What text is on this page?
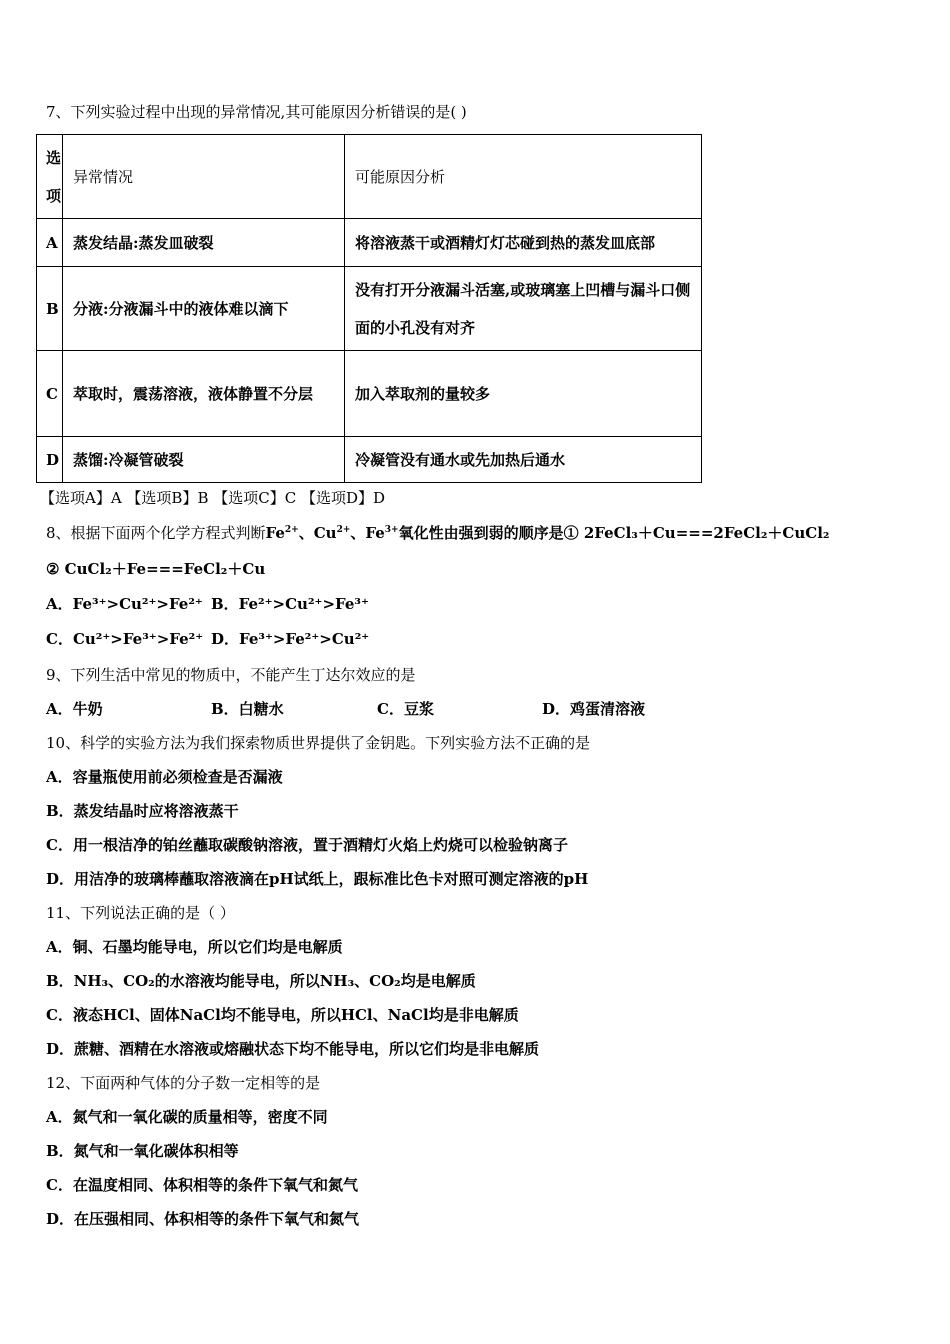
7、下列实验过程中出现的异常情况,其可能原因分析错误的是( )
选项	异常情况	可能原因分析
A	蒸发结晶:蒸发皿破裂	将溶液蒸干或酒精灯灯芯碰到热的蒸发皿底部
B	分液:分液漏斗中的液体难以滴下	没有打开分液漏斗活塞,或玻璃塞上凹槽与漏斗口侧面的小孔没有对齐

C	萃取时，震荡溶液，液体静置不分层	加入萃取剂的量较多
D	蒸馏:冷凝管破裂	冷凝管没有通水或先加热后通水
【选项A】A 【选项B】B 【选项C】C 【选项D】D
8、根据下面两个化学方程式判断$Fe^{2+}$、$Cu^{2+}$、$Fe^{3+}$氧化性由强到弱的顺序是① 2FeCl₃＋Cu===2FeCl₂＋CuCl₂
② CuCl₂＋Fe===FeCl₂＋Cu
A．Fe³⁺>Cu²⁺>Fe²⁺ B．Fe²⁺>Cu²⁺>Fe³⁺
C．Cu²⁺>Fe³⁺>Fe²⁺ D．Fe³⁺>Fe²⁺>Cu²⁺
9、下列生活中常见的物质中，不能产生丁达尔效应的是
A．牛奶	B．白糖水	C．豆浆	D．鸡蛋清溶液
10、科学的实验方法为我们探索物质世界提供了金钥匙。下列实验方法不正确的是
A．容量瓶使用前必须检查是否漏液
B．蒸发结晶时应将溶液蒸干
C．用一根洁净的铂丝蘸取碳酸钠溶液，置于酒精灯火焰上灼烧可以检验钠离子
D．用洁净的玻璃棒蘸取溶液滴在pH试纸上，跟标准比色卡对照可测定溶液的pH
11、下列说法正确的是（ ）
A．铜、石墨均能导电，所以它们均是电解质
B．NH₃、CO₂的水溶液均能导电，所以NH₃、CO₂均是电解质
C．液态HCl、固体NaCl均不能导电，所以HCl、NaCl均是非电解质
D．蔗糖、酒精在水溶液或熔融状态下均不能导电，所以它们均是非电解质
12、下面两种气体的分子数一定相等的是
A．氮气和一氧化碳的质量相等，密度不同
B．氮气和一氧化碳体积相等
C．在温度相同、体积相等的条件下氧气和氮气
D．在压强相同、体积相等的条件下氧气和氮气
